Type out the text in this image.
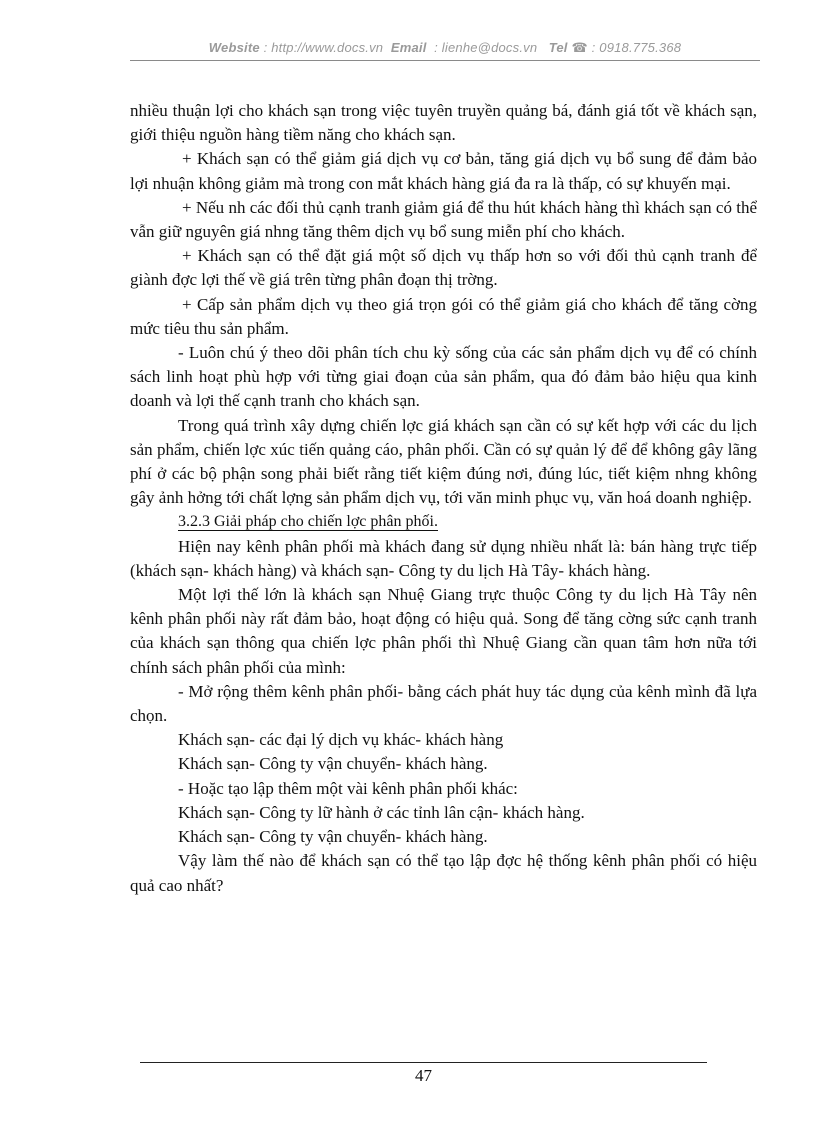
Website : http://www.docs.vn Email : lienhe@docs.vn Tel ☎ : 0918.775.368

nhiều thuận lợi cho khách sạn trong việc tuyên truyền quảng bá, đánh giá tốt về khách sạn, giới thiệu nguồn hàng tiềm năng cho khách sạn.

+ Khách sạn có thể giảm giá dịch vụ cơ bản, tăng giá dịch vụ bổ sung để đảm bảo lợi nhuận không giảm mà trong con mắt khách hàng giá đa ra là thấp, có sự khuyến mại.

+ Nếu nh các đối thủ cạnh tranh giảm giá để thu hút khách hàng thì khách sạn có thể vẫn giữ nguyên giá nhng tăng thêm dịch vụ bổ sung miễn phí cho khách.

+ Khách sạn có thể đặt giá một số dịch vụ thấp hơn so với đối thủ cạnh tranh để giành đợc lợi thế về giá trên từng phân đoạn thị trờng.

+ Cấp sản phẩm dịch vụ theo giá trọn gói có thể giảm giá cho khách để tăng cờng mức tiêu thu sản phẩm.

- Luôn chú ý theo dõi phân tích chu kỳ sống của các sản phẩm dịch vụ để có chính sách linh hoạt phù hợp với từng giai đoạn của sản phẩm, qua đó đảm bảo hiệu qua kinh doanh và lợi thế cạnh tranh cho khách sạn.

Trong quá trình xây dựng chiến lợc giá khách sạn cần có sự kết hợp với các du lịch sản phẩm, chiến lợc xúc tiến quảng cáo, phân phối. Cần có sự quản lý để để không gây lãng phí ở các bộ phận song phải biết rằng tiết kiệm đúng nơi, đúng lúc, tiết kiệm nhng không gây ảnh hởng tới chất lợng sản phẩm dịch vụ, tới văn minh phục vụ, văn hoá doanh nghiệp.

3.2.3 Giải pháp cho chiến lợc phân phối.

Hiện nay kênh phân phối mà khách đang sử dụng nhiều nhất là: bán hàng trực tiếp (khách sạn- khách hàng) và khách sạn- Công ty du lịch Hà Tây- khách hàng.

Một lợi thế lớn là khách sạn Nhuệ Giang trực thuộc Công ty du lịch Hà Tây nên kênh phân phối này rất đảm bảo, hoạt động có hiệu quả. Song để tăng cờng sức cạnh tranh của khách sạn thông qua chiến lợc phân phối thì Nhuệ Giang cần quan tâm hơn nữa tới chính sách phân phối của mình:

- Mở rộng thêm kênh phân phối- bằng cách phát huy tác dụng của kênh mình đã lựa chọn.

Khách sạn- các đại lý dịch vụ khác- khách hàng

Khách sạn- Công ty vận chuyển- khách hàng.

- Hoặc tạo lập thêm một vài kênh phân phối khác:

Khách sạn- Công ty lữ hành ở các tỉnh lân cận- khách hàng.

Khách sạn- Công ty vận chuyển- khách hàng.

Vậy làm thế nào để khách sạn có thể tạo lập đợc hệ thống kênh phân phối có hiệu quả cao nhất?

47
